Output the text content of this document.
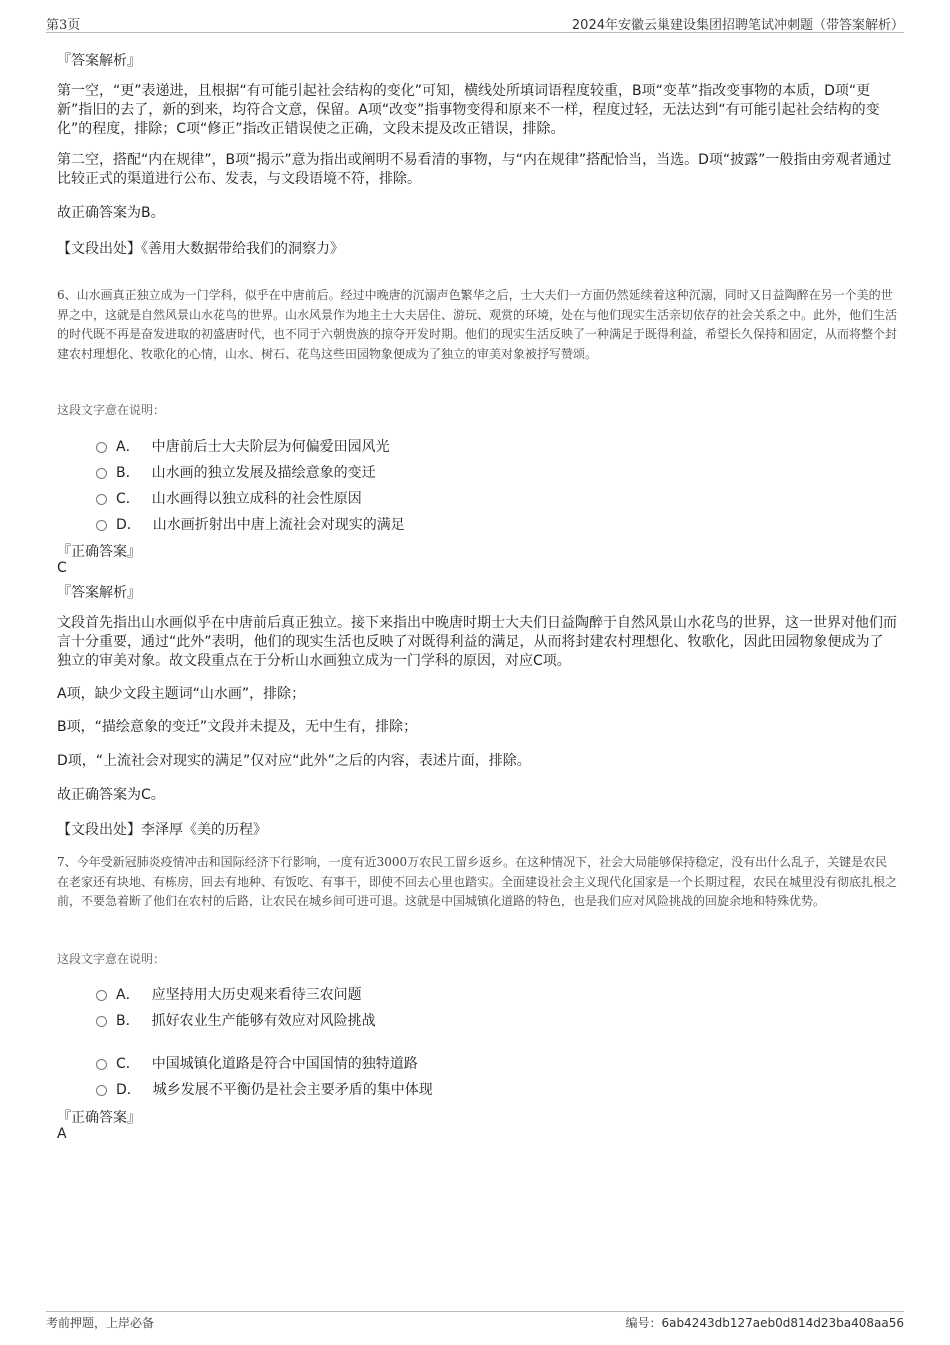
第3页	2024年安徽云巢建设集团招聘笔试冲刺题（带答案解析）
『答案解析』

第一空，“更”表递进，且根据“有可能引起社会结构的变化”可知，横线处所填词语程度较重，B项“变革”指改变事物的本质，D项“更新”指旧的去了，新的到来，均符合文意，保留。A项“改变”指事物变得和原来不一样，程度过轻，无法达到“有可能引起社会结构的变化”的程度，排除；C项“修正”指改正错误使之正确，文段未提及改正错误，排除。

第二空，搭配“内在规律”，B项“揭示”意为指出或阐明不易看清的事物，与“内在规律”搭配恰当，当选。D项“披露”一般指由旁观者通过比较正式的渠道进行公布、发表，与文段语境不符，排除。

故正确答案为B。

【文段出处】《善用大数据带给我们的洞察力》

6、山水画真正独立成为一门学科，似乎在中唐前后。经过中晚唐的沉溺声色繁华之后，士大夫们一方面仍然延续着这种沉溺，同时又日益陶醉在另一个美的世界之中，这就是自然风景山水花鸟的世界。山水风景作为地主士大夫居住、游玩、观赏的环境，处在与他们现实生活亲切依存的社会关系之中。此外，他们生活的时代既不再是奋发进取的初盛唐时代，也不同于六朝贵族的掠夺开发时期。他们的现实生活反映了一种满足于既得利益，希望长久保持和固定，从而将整个封建农村理想化、牧歌化的心情，山水、树石、花鸟这些田园物象便成为了独立的审美对象被抒写赞颂。

这段文字意在说明：
A． 中唐前后士大夫阶层为何偏爱田园风光
B． 山水画的独立发展及描绘意象的变迁
C． 山水画得以独立成科的社会性原因
D． 山水画折射出中唐上流社会对现实的满足
『正确答案』
C
『答案解析』

文段首先指出山水画似乎在中唐前后真正独立。接下来指出中晚唐时期士大夫们日益陶醉于自然风景山水花鸟的世界，这一世界对他们而言十分重要，通过“此外”表明，他们的现实生活也反映了对既得利益的满足，从而将封建农村理想化、牧歌化，因此田园物象便成为了独立的审美对象。故文段重点在于分析山水画独立成为一门学科的原因，对应C项。

A项，缺少文段主题词“山水画”，排除；

B项，“描绘意象的变迁”文段并未提及，无中生有，排除；

D项，“上流社会对现实的满足”仅对应“此外”之后的内容，表述片面，排除。

故正确答案为C。

【文段出处】李泽厚《美的历程》

7、今年受新冠肺炎疫情冲击和国际经济下行影响，一度有近3000万农民工留乡返乡。在这种情况下，社会大局能够保持稳定，没有出什么乱子，关键是农民在老家还有块地、有栋房，回去有地种、有饭吃、有事干，即使不回去心里也踏实。全面建设社会主义现代化国家是一个长期过程，农民在城里没有彻底扎根之前，不要急着断了他们在农村的后路，让农民在城乡间可进可退。这就是中国城镇化道路的特色，也是我们应对风险挑战的回旋余地和特殊优势。

这段文字意在说明：
A． 应坚持用大历史观来看待三农问题
B． 抓好农业生产能够有效应对风险挑战
C． 中国城镇化道路是符合中国国情的独特道路
D． 城乡发展不平衡仍是社会主要矛盾的集中体现
『正确答案』
A
考前押题，上岸必备	编号：6ab4243db127aeb0d814d23ba408aa56
